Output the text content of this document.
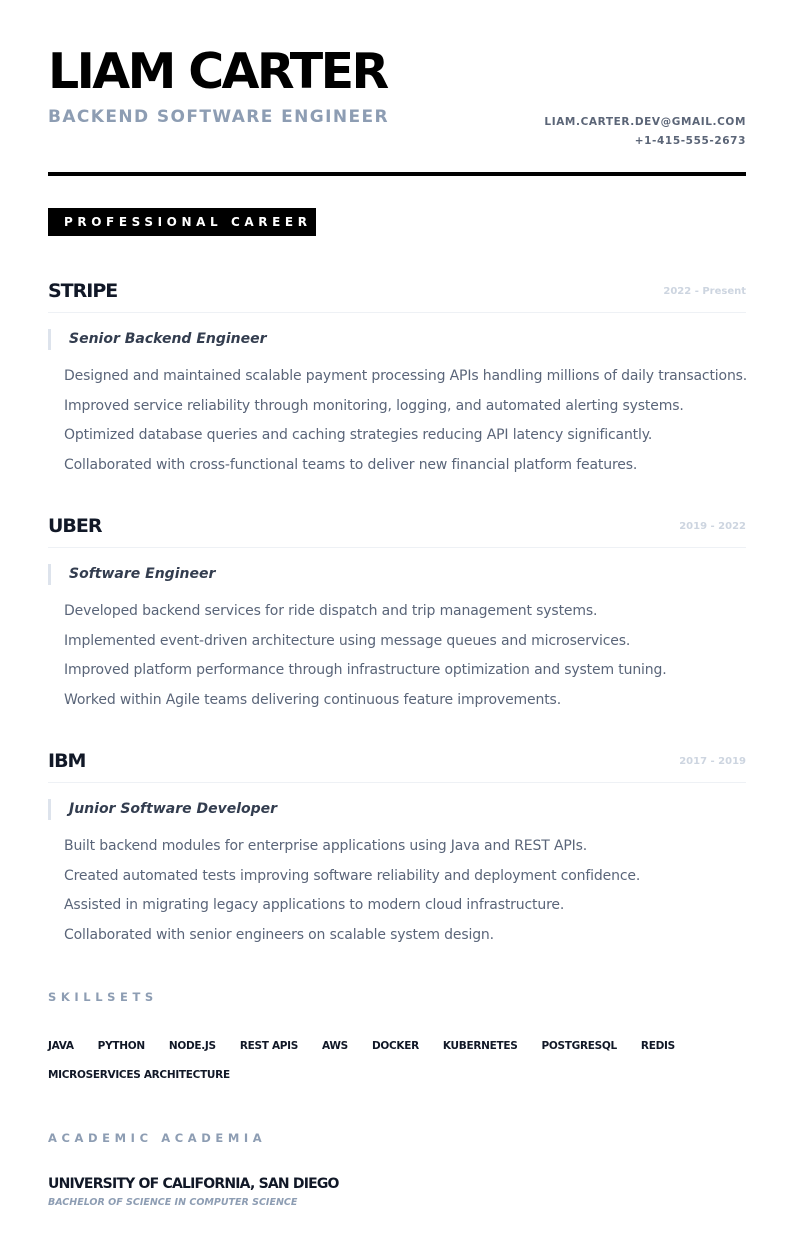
LIAM CARTER
BACKEND SOFTWARE ENGINEER	LIAM.CARTER.DEV@GMAIL.COM
+1-415-555-2673
PROFESSIONAL CAREER
STRIPE	2022 - Present
Senior Backend Engineer
Designed and maintained scalable payment processing APIs handling millions of daily transactions.
Improved service reliability through monitoring, logging, and automated alerting systems.
Optimized database queries and caching strategies reducing API latency significantly.
Collaborated with cross-functional teams to deliver new financial platform features.
UBER	2019 - 2022
Software Engineer
Developed backend services for ride dispatch and trip management systems.
Implemented event-driven architecture using message queues and microservices.
Improved platform performance through infrastructure optimization and system tuning.
Worked within Agile teams delivering continuous feature improvements.
IBM	2017 - 2019
Junior Software Developer
Built backend modules for enterprise applications using Java and REST APIs.
Created automated tests improving software reliability and deployment confidence.
Assisted in migrating legacy applications to modern cloud infrastructure.
Collaborated with senior engineers on scalable system design.
SKILLSETS
JAVA PYTHON NODE.JS REST APIS AWS DOCKER KUBERNETES POSTGRESQL REDIS
MICROSERVICES ARCHITECTURE
ACADEMIC ACADEMIA
UNIVERSITY OF CALIFORNIA, SAN DIEGO
BACHELOR OF SCIENCE IN COMPUTER SCIENCE
